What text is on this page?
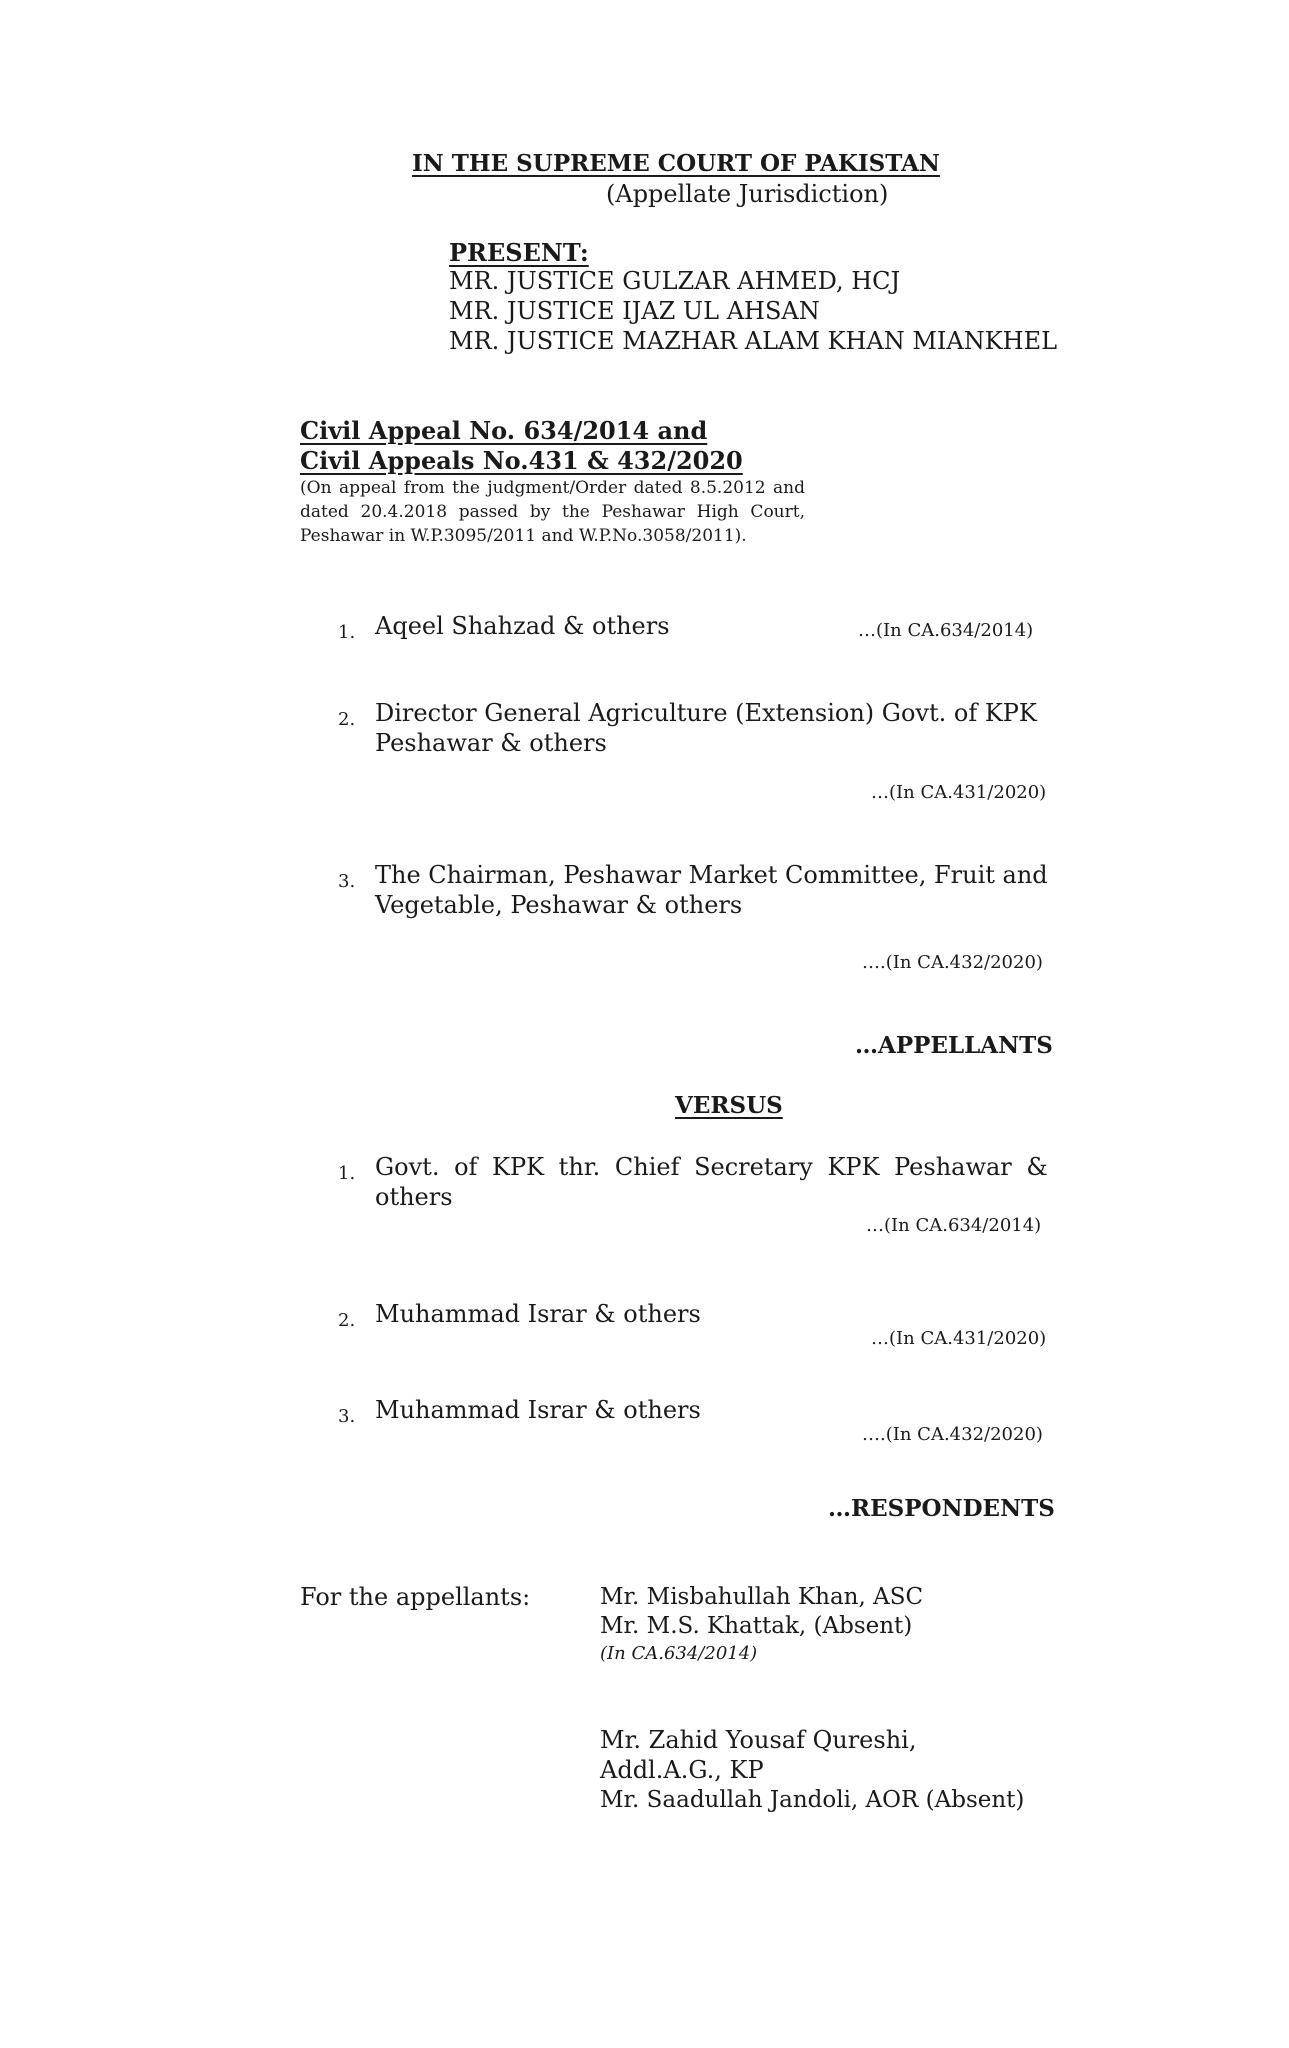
IN THE SUPREME COURT OF PAKISTAN
(Appellate Jurisdiction)
PRESENT:
MR. JUSTICE GULZAR AHMED, HCJ
MR. JUSTICE IJAZ UL AHSAN
MR. JUSTICE MAZHAR ALAM KHAN MIANKHEL
Civil Appeal No. 634/2014 and
Civil Appeals No.431 & 432/2020
(On appeal from the judgment/Order dated 8.5.2012 and dated 20.4.2018 passed by the Peshawar High Court, Peshawar in W.P.3095/2011 and W.P.No.3058/2011).
1. Aqeel Shahzad & others	…(In CA.634/2014)
2. Director General Agriculture (Extension) Govt. of KPK
Peshawar & others
…(In CA.431/2020)
3. The Chairman, Peshawar Market Committee, Fruit and
Vegetable, Peshawar & others
….(In CA.432/2020)
…APPELLANTS
VERSUS
1. Govt. of KPK thr. Chief Secretary KPK Peshawar &
others
…(In CA.634/2014)
2. Muhammad Israr & others
…(In CA.431/2020)
3. Muhammad Israr & others
….(In CA.432/2020)
…RESPONDENTS
For the appellants:	Mr. Misbahullah Khan, ASC
Mr. M.S. Khattak, (Absent)
(In CA.634/2014)
Mr. Zahid Yousaf Qureshi,
Addl.A.G., KP
Mr. Saadullah Jandoli, AOR (Absent)
